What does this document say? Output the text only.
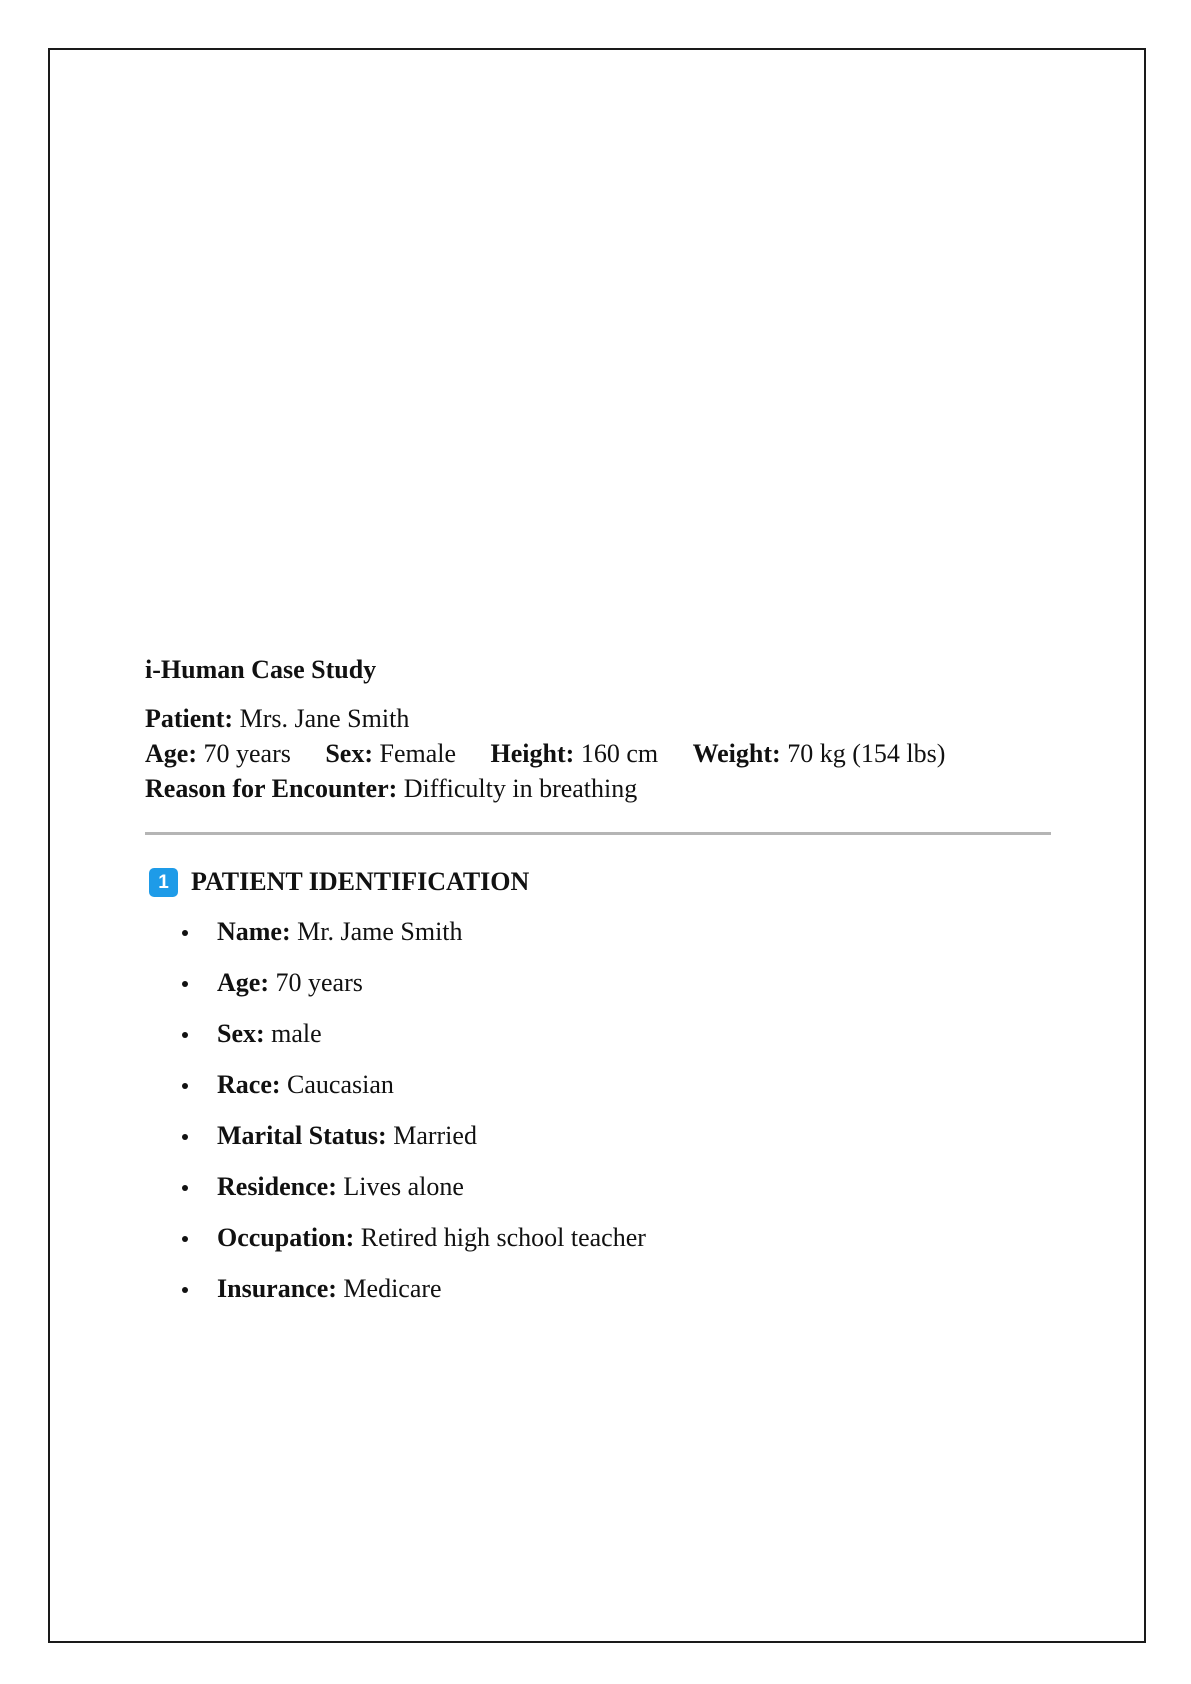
i-Human Case Study
Patient: Mrs. Jane Smith
Age: 70 years Sex: Female Height: 160 cm Weight: 70 kg (154 lbs)
Reason for Encounter: Difficulty in breathing
1 PATIENT IDENTIFICATION
Name: Mr. Jame Smith
Age: 70 years
Sex: male
Race: Caucasian
Marital Status: Married
Residence: Lives alone
Occupation: Retired high school teacher
Insurance: Medicare
